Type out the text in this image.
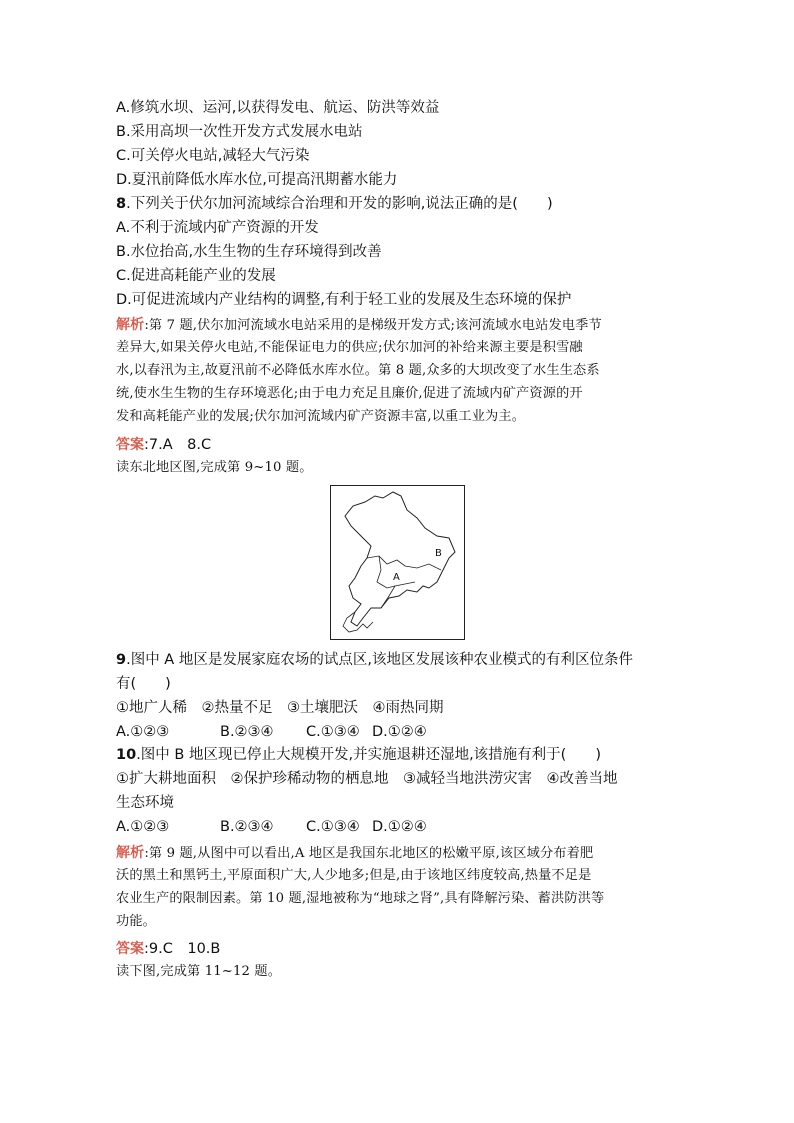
A.修筑水坝、运河,以获得发电、航运、防洪等效益
B.采用高坝一次性开发方式发展水电站
C.可关停火电站,减轻大气污染
D.夏汛前降低水库水位,可提高汛期蓄水能力
8.下列关于伏尔加河流域综合治理和开发的影响,说法正确的是(　　)
A.不利于流域内矿产资源的开发
B.水位抬高,水生生物的生存环境得到改善
C.促进高耗能产业的发展
D.可促进流域内产业结构的调整,有利于轻工业的发展及生态环境的保护
解析:第 7 题,伏尔加河流域水电站采用的是梯级开发方式;该河流域水电站发电季节
差异大,如果关停火电站,不能保证电力的供应;伏尔加河的补给来源主要是积雪融
水,以春汛为主,故夏汛前不必降低水库水位。第 8 题,众多的大坝改变了水生生态系
统,使水生生物的生存环境恶化;由于电力充足且廉价,促进了流域内矿产资源的开
发和高耗能产业的发展;伏尔加河流域内矿产资源丰富,以重工业为主。
答案:7.A　8.C
读东北地区图,完成第 9~10 题。
A
B
9.图中 A 地区是发展家庭农场的试点区,该地区发展该种农业模式的有利区位条件
有(　　)
①地广人稀　②热量不足　③土壤肥沃　④雨热同期
A.①②③	B.②③④ C.①③④ D.①②④
10.图中 B 地区现已停止大规模开发,并实施退耕还湿地,该措施有利于(　　)
①扩大耕地面积　②保护珍稀动物的栖息地　③减轻当地洪涝灾害　④改善当地
生态环境
A.①②③	B.②③④ C.①③④ D.①②④
解析:第 9 题,从图中可以看出,A 地区是我国东北地区的松嫩平原,该区域分布着肥
沃的黑土和黑钙土,平原面积广大,人少地多;但是,由于该地区纬度较高,热量不足是
农业生产的限制因素。第 10 题,湿地被称为“地球之肾”,具有降解污染、蓄洪防洪等
功能。
答案:9.C　10.B
读下图,完成第 11~12 题。
